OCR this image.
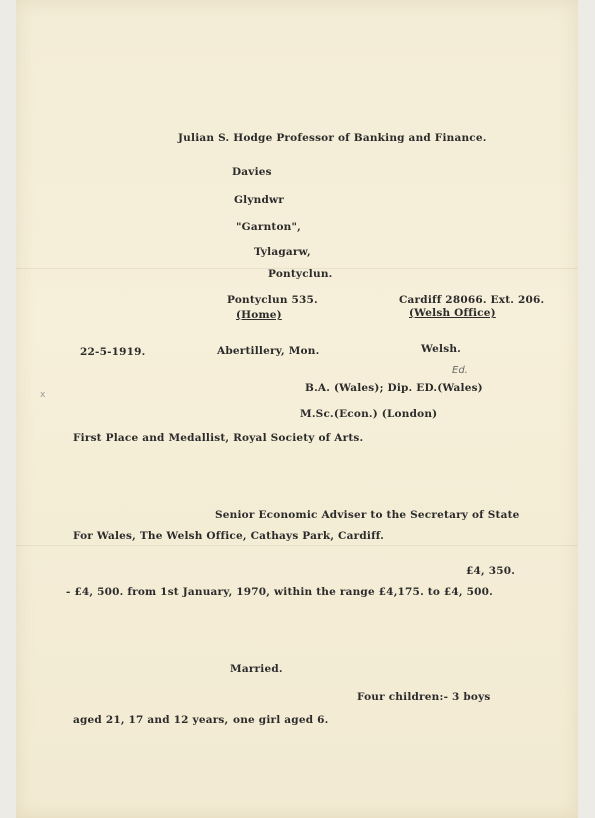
Julian S. Hodge Professor of Banking and Finance.
Davies
Glyndwr
"Garnton",
Tylagarw,
Pontyclun.
Pontyclun 535.
(Home)
Cardiff 28066. Ext. 206.
(Welsh Office)
22-5-1919.	Abertillery, Mon.	Welsh.
Ed.
x
B.A. (Wales); Dip. ED.(Wales)
M.Sc.(Econ.) (London)
First Place and Medallist, Royal Society of Arts.
Senior Economic Adviser to the Secretary of State
For Wales, The Welsh Office, Cathays Park, Cardiff.
£4, 350.
- £4, 500. from 1st January, 1970, within the range £4,175. to £4, 500.
Married.
Four children:- 3 boys
aged 21, 17 and 12 years, one girl aged 6.
